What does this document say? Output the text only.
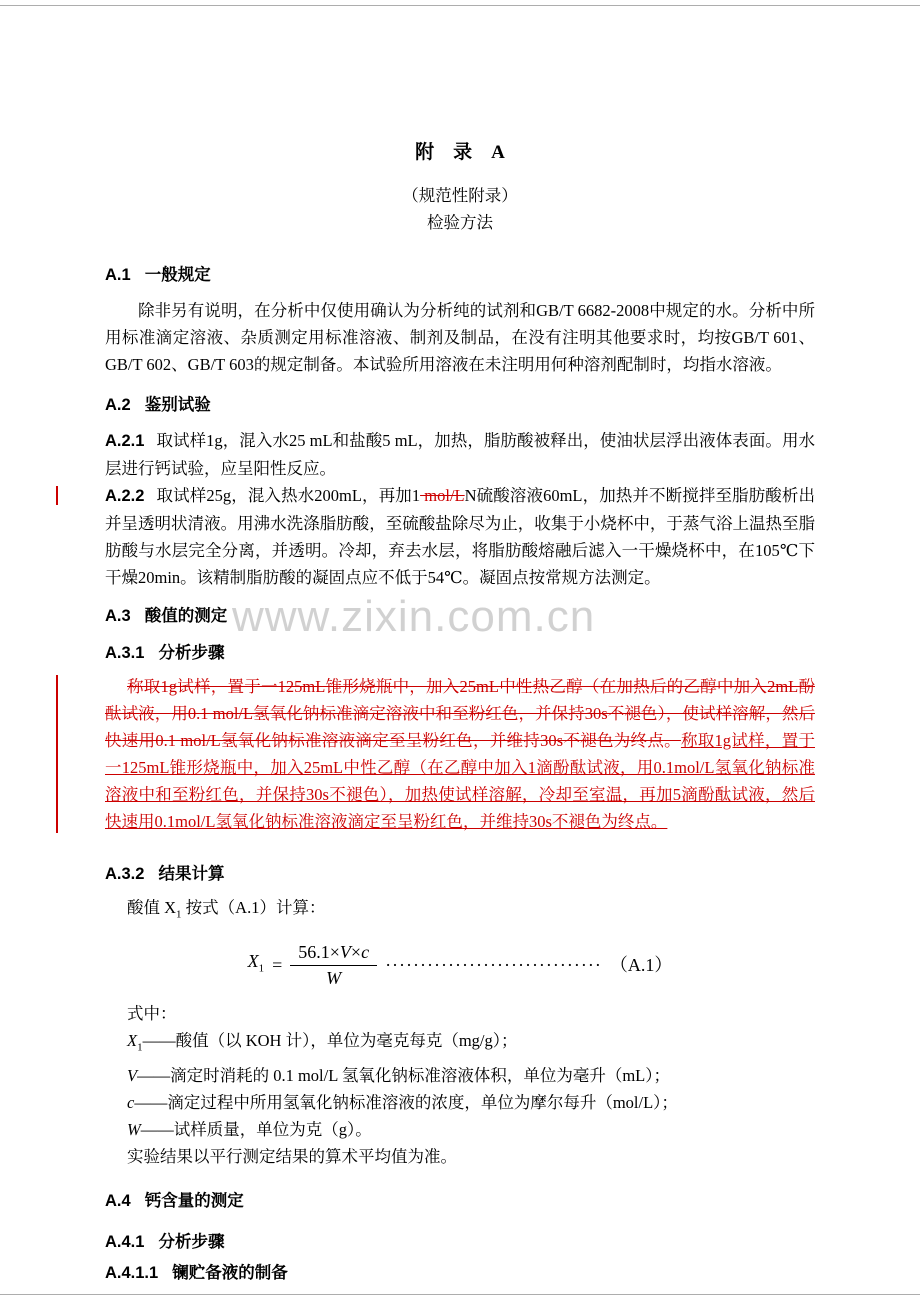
www.zixin.com.cn
附　录　A
（规范性附录）
检验方法
A.1 一般规定

除非另有说明，在分析中仅使用确认为分析纯的试剂和GB/T 6682-2008中规定的水。分析中所用标准滴定溶液、杂质测定用标准溶液、制剂及制品，在没有注明其他要求时，均按GB/T 601、GB/T 602、GB/T 603的规定制备。本试验所用溶液在未注明用何种溶剂配制时，均指水溶液。

A.2 鉴别试验

A.2.1 取试样1g，混入水25 mL和盐酸5 mL，加热，脂肪酸被释出，使油状层浮出液体表面。用水层进行钙试验，应呈阳性反应。

A.2.2 取试样25g，混入热水200mL，再加1 mol/LN硫酸溶液60mL，加热并不断搅拌至脂肪酸析出并呈透明状清液。用沸水洗涤脂肪酸，至硫酸盐除尽为止，收集于小烧杯中，于蒸气浴上温热至脂肪酸与水层完全分离，并透明。冷却，弃去水层，将脂肪酸熔融后滤入一干燥烧杯中，在105℃下干燥20min。该精制脂肪酸的凝固点应不低于54℃。凝固点按常规方法测定。

A.3 酸值的测定
A.3.1 分析步骤

称取1g试样，置于一125mL锥形烧瓶中，加入25mL中性热乙醇（在加热后的乙醇中加入2mL酚酞试液，用0.1 mol/L氢氧化钠标准滴定溶液中和至粉红色，并保持30s不褪色），使试样溶解，然后快速用0.1 mol/L氢氧化钠标准溶液滴定至呈粉红色，并维持30s不褪色为终点。称取1g试样，置于一125mL锥形烧瓶中，加入25mL中性乙醇（在乙醇中加入1滴酚酞试液，用0.1mol/L氢氧化钠标准溶液中和至粉红色，并保持30s不褪色），加热使试样溶解，冷却至室温，再加5滴酚酞试液，然后快速用0.1mol/L氢氧化钠标准溶液滴定至呈粉红色，并维持30s不褪色为终点。

A.3.2 结果计算

酸值 $X_1$ 按式（A.1）计算：

$X_1 = \frac{56.1\times V\times c}{W}$ ······························· （A.1）

式中：

$X_1——$酸值（以 KOH 计），单位为毫克每克（mg/g）；

V——滴定时消耗的 0.1 mol/L 氢氧化钠标准溶液体积，单位为毫升（mL）；

c——滴定过程中所用氢氧化钠标准溶液的浓度，单位为摩尔每升（mol/L）；

W——试样质量，单位为克（g）。

实验结果以平行测定结果的算术平均值为准。

A.4 钙含量的测定
A.4.1 分析步骤
A.4.1.1 镧贮备液的制备
